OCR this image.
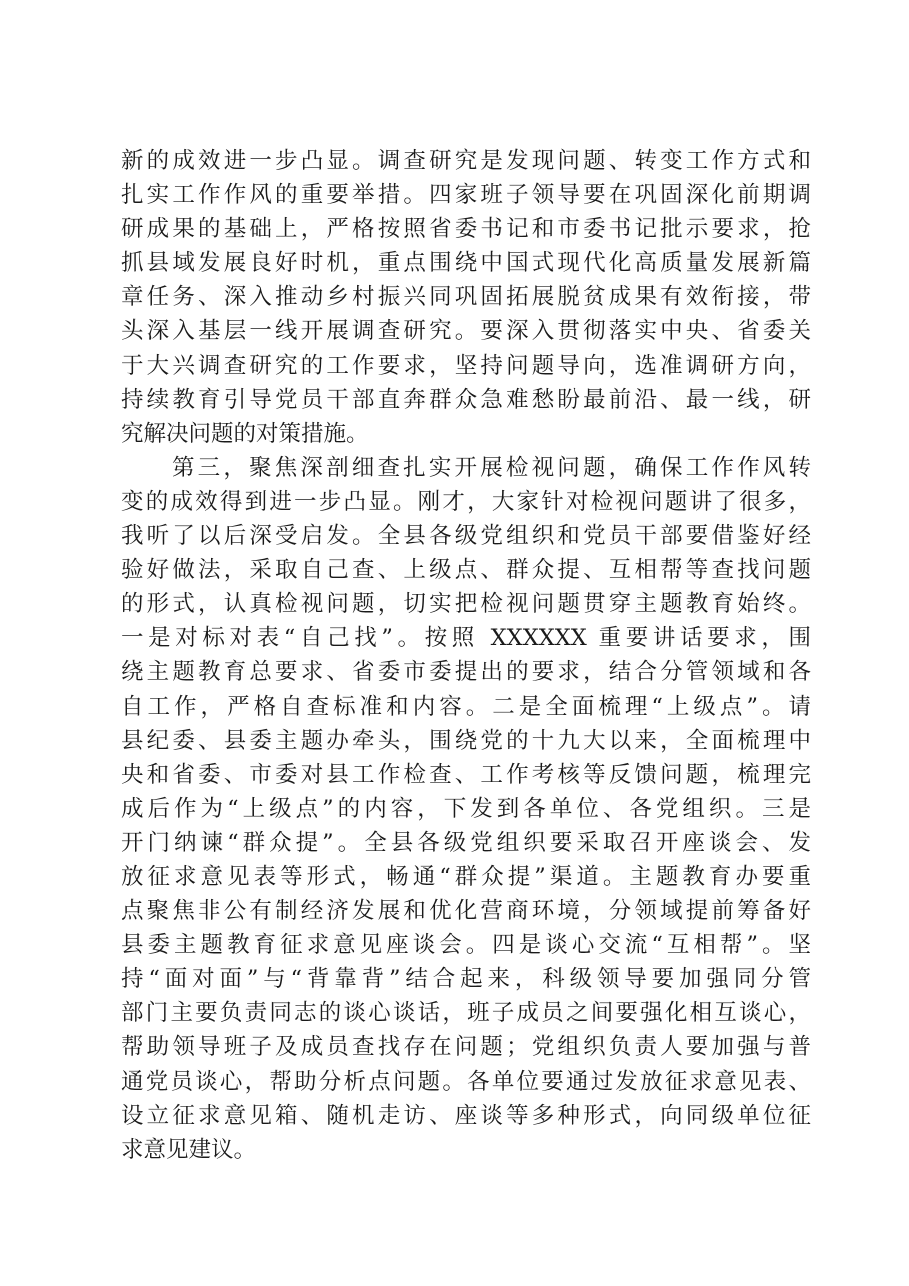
新的成效进一步凸显。调查研究是发现问题、转变工作方式和
扎实工作作风的重要举措。四家班子领导要在巩固深化前期调
研成果的基础上，严格按照省委书记和市委书记批示要求，抢
抓县域发展良好时机，重点围绕中国式现代化高质量发展新篇
章任务、深入推动乡村振兴同巩固拓展脱贫成果有效衔接，带
头深入基层一线开展调查研究。要深入贯彻落实中央、省委关
于大兴调查研究的工作要求，坚持问题导向，选准调研方向，
持续教育引导党员干部直奔群众急难愁盼最前沿、最一线，研
究解决问题的对策措施。
第三，聚焦深剖细查扎实开展检视问题，确保工作作风转
变的成效得到进一步凸显。刚才，大家针对检视问题讲了很多，
我听了以后深受启发。全县各级党组织和党员干部要借鉴好经
验好做法，采取自己查、上级点、群众提、互相帮等查找问题
的形式，认真检视问题，切实把检视问题贯穿主题教育始终。
一是对标对表“自己找”。按照 XXXXXX 重要讲话要求，围
绕主题教育总要求、省委市委提出的要求，结合分管领域和各
自工作，严格自查标准和内容。二是全面梳理“上级点”。请
县纪委、县委主题办牵头，围绕党的十九大以来，全面梳理中
央和省委、市委对县工作检查、工作考核等反馈问题，梳理完
成后作为“上级点”的内容，下发到各单位、各党组织。三是
开门纳谏“群众提”。全县各级党组织要采取召开座谈会、发
放征求意见表等形式，畅通“群众提”渠道。主题教育办要重
点聚焦非公有制经济发展和优化营商环境，分领域提前筹备好
县委主题教育征求意见座谈会。四是谈心交流“互相帮”。坚
持“面对面”与“背靠背”结合起来，科级领导要加强同分管
部门主要负责同志的谈心谈话，班子成员之间要强化相互谈心，
帮助领导班子及成员查找存在问题；党组织负责人要加强与普
通党员谈心，帮助分析点问题。各单位要通过发放征求意见表、
设立征求意见箱、随机走访、座谈等多种形式，向同级单位征
求意见建议。
